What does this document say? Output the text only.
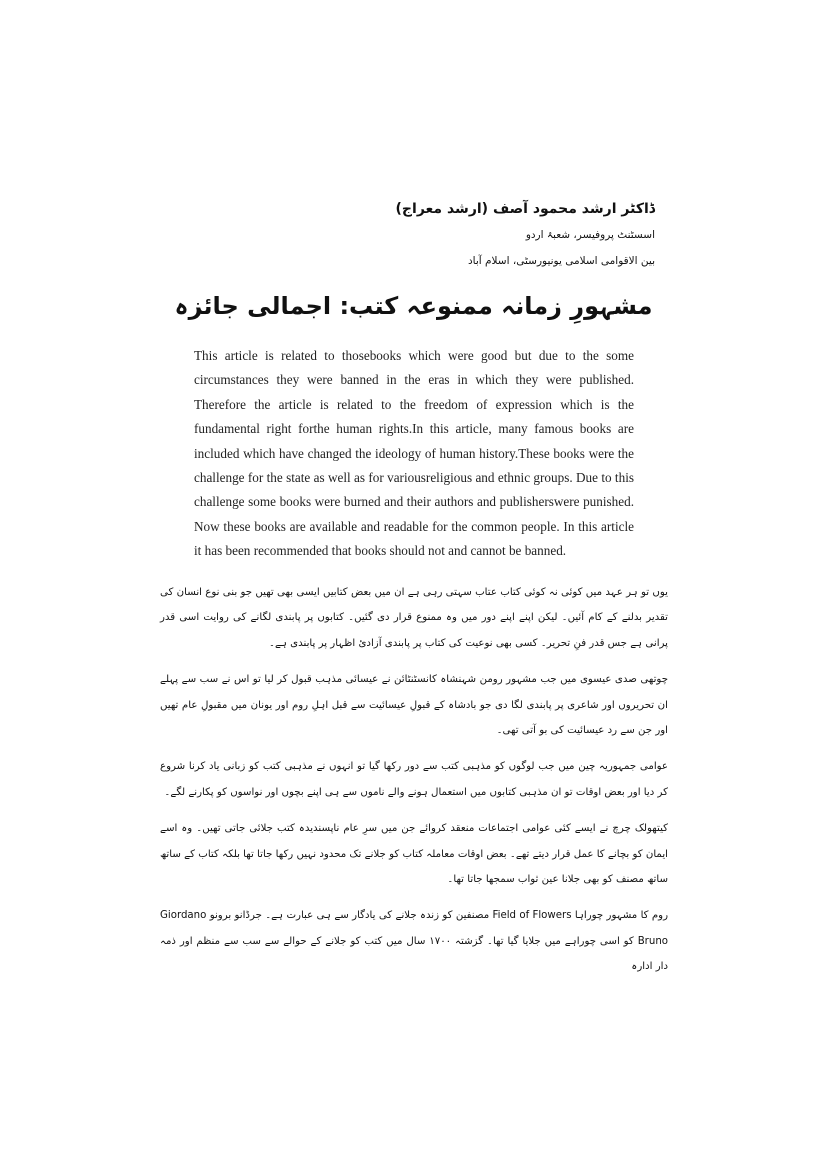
ڈاکٹر ارشد محمود آصف (ارشد معراج)
اسسٹنٹ پروفیسر، شعبۂ اردو
بین الاقوامی اسلامی یونیورسٹی، اسلام آباد
مشہورِ زمانہ ممنوعہ کتب: اجمالی جائزہ
This article is related to thosebooks which were good but due to the some circumstances they were banned in the eras in which they were published. Therefore the article is related to the freedom of expression which is the fundamental right forthe human rights.In this article, many famous books are included which have changed the ideology of human history.These books were the challenge for the state as well as for variousreligious and ethnic groups. Due to this challenge some books were burned and their authors and publisherswere punished. Now these books are available and readable for the common people. In this article it has been recommended that books should not and cannot be banned.

یوں تو ہر عہد میں کوئی نہ کوئی کتاب عتاب سہتی رہی ہے ان میں بعض کتابیں ایسی بھی تھیں جو بنی نوع انسان کی تقدیر بدلنے کے کام آئیں۔ لیکن اپنے اپنے دور میں وہ ممنوع قرار دی گئیں۔ کتابوں پر پابندی لگانے کی روایت اسی قدر پرانی ہے جس قدر فنِ تحریر۔ کسی بھی نوعیت کی کتاب پر پابندی آزادیٔ اظہار پر پابندی ہے۔

چوتھی صدی عیسوی میں جب مشہور رومن شہنشاہ کانسٹنٹائن نے عیسائی مذہب قبول کر لیا تو اس نے سب سے پہلے ان تحریروں اور شاعری پر پابندی لگا دی جو بادشاہ کے قبولِ عیسائیت سے قبل اہلِ روم اور یونان میں مقبولِ عام تھیں اور جن سے رد عیسائیت کی بو آتی تھی۔

عوامی جمہوریہ چین میں جب لوگوں کو مذہبی کتب سے دور رکھا گیا تو انہوں نے مذہبی کتب کو زبانی یاد کرنا شروع کر دیا اور بعض اوقات تو ان مذہبی کتابوں میں استعمال ہونے والے ناموں سے ہی اپنے بچوں اور نواسوں کو پکارنے لگے۔

کیتھولک چرچ نے ایسے کئی عوامی اجتماعات منعقد کروائے جن میں سرِ عام ناپسندیدہ کتب جلائی جاتی تھیں۔ وہ اسے ایمان کو بچانے کا عمل قرار دیتے تھے۔ بعض اوقات معاملہ کتاب کو جلانے تک محدود نہیں رکھا جاتا تھا بلکہ کتاب کے ساتھ ساتھ مصنف کو بھی جلانا عین ثواب سمجھا جاتا تھا۔

روم کا مشہور چوراہا Field of Flowers مصنفین کو زندہ جلانے کی یادگار سے ہی عبارت ہے۔ جرڈانو برونو Giordano Bruno کو اسی چوراہے میں جلایا گیا تھا۔ گزشتہ ۱۷۰۰ سال میں کتب کو جلانے کے حوالے سے سب سے منظم اور ذمہ دار ادارہ
